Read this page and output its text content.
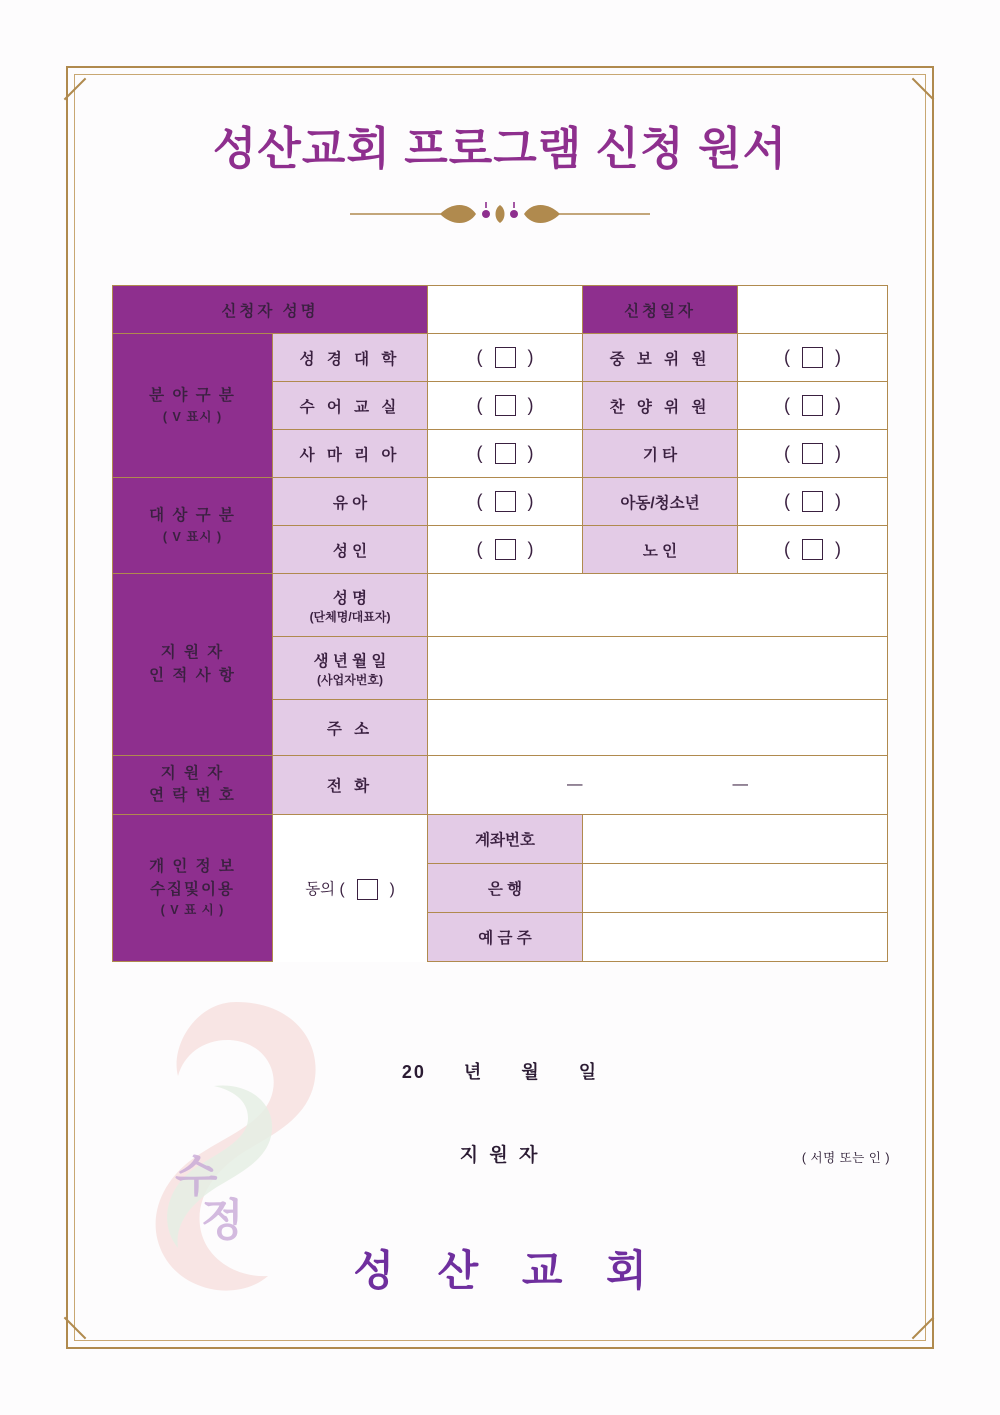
성산교회 프로그램 신청 원서
신청자 성명			신청일자	
분 야 구 분
( V 표시 )	성 경 대 학	( )	중 보 위 원	( )
	수 어 교 실	( )	찬 양 위 원	( )
	사 마 리 아	( )	기 타	( )
대 상 구 분
( V 표시 )	유 아	( )	아동/청소년	( )
	성 인	( )	노 인	( )
지 원 자
인 적 사 항	성 명
(단체명/대표자)			

	생 년 월 일
(사업자번호)			

	주 소			
지 원 자
연 락 번 호	전 화	— —		
개 인 정 보
수집및이용
( V 표 시 )	동의 ( )	계좌번호		
		은 행		
		예 금 주		
수
정
20 년 월 일
지 원 자	( 서명 또는 인 )
성 산 교 회
